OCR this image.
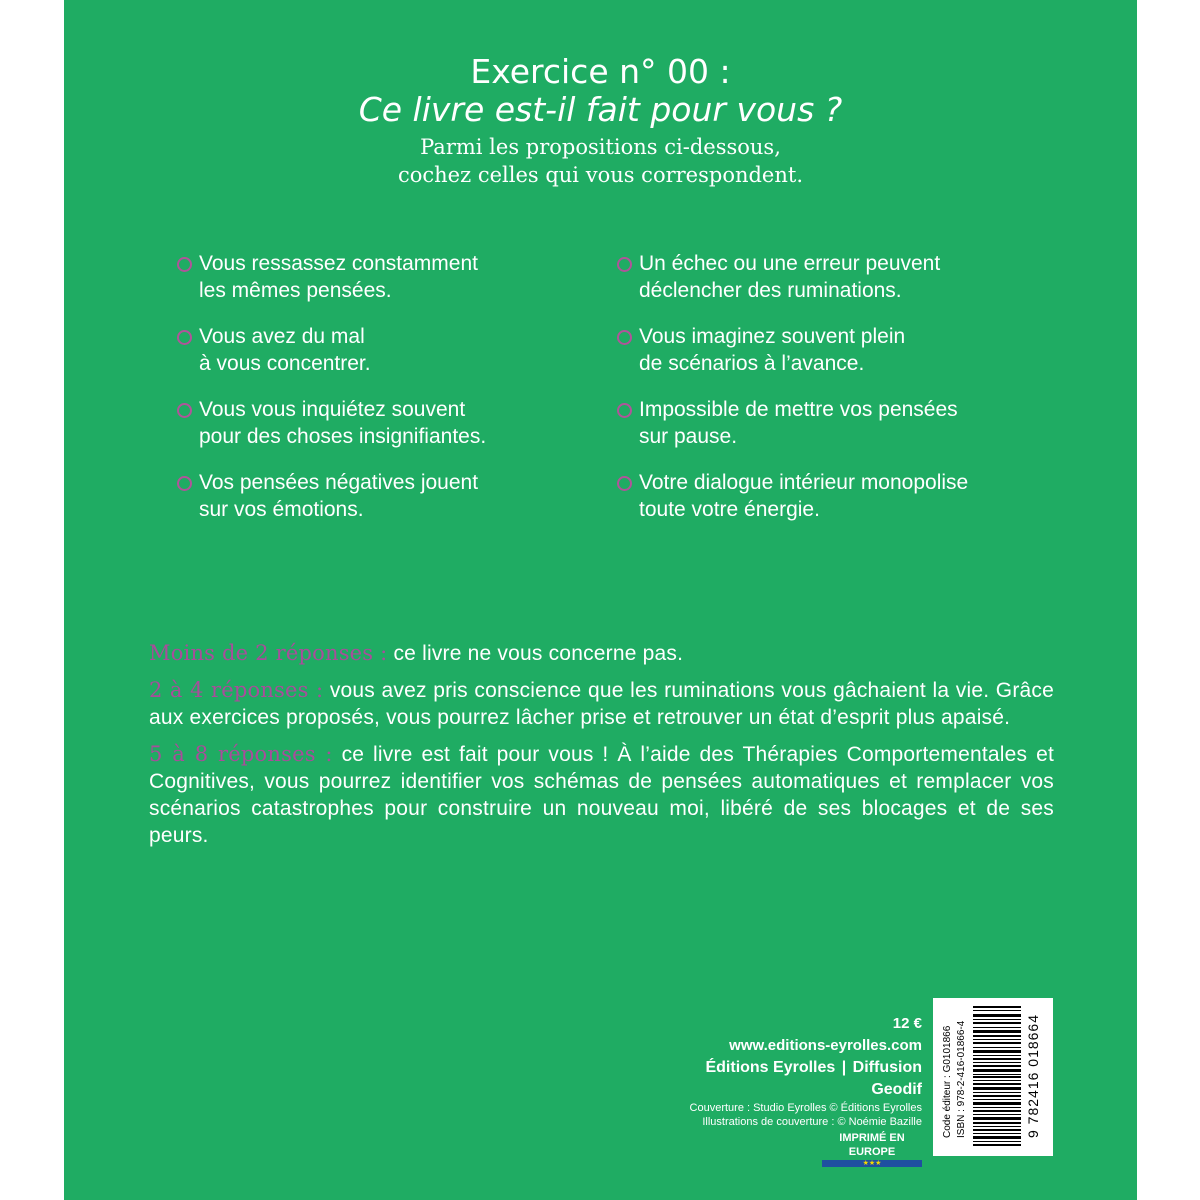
Exercice n° 00 :
Ce livre est-il fait pour vous ?
Parmi les propositions ci-dessous,
cochez celles qui vous correspondent.
Vous ressassez constamment
les mêmes pensées.
Vous avez du mal
à vous concentrer.
Vous vous inquiétez souvent
pour des choses insignifiantes.
Vos pensées négatives jouent
sur vos émotions.
Un échec ou une erreur peuvent
déclencher des ruminations.
Vous imaginez souvent plein
de scénarios à l’avance.
Impossible de mettre vos pensées
sur pause.
Votre dialogue intérieur monopolise
toute votre énergie.

Moins de 2 réponses : ce livre ne vous concerne pas.

2 à 4 réponses : vous avez pris conscience que les ruminations vous gâchaient la vie. Grâce aux exercices proposés, vous pourrez lâcher prise et retrouver un état d’esprit plus apaisé.

5 à 8 réponses : ce livre est fait pour vous ! À l’aide des Thérapies Comportementales et Cognitives, vous pourrez identifier vos schémas de pensées automatiques et remplacer vos scénarios catastrophes pour construire un nouveau moi, libéré de ses blocages et de ses peurs.

12 €
www.editions-eyrolles.com
Éditions Eyrolles | Diffusion Geodif
Couverture : Studio Eyrolles © Éditions Eyrolles
Illustrations de couverture : © Noémie Bazille
IMPRIMÉ EN EUROPE
★★★
Code éditeur : G0101866 ISBN : 978-2-416-01866-4	9 782416 018664
